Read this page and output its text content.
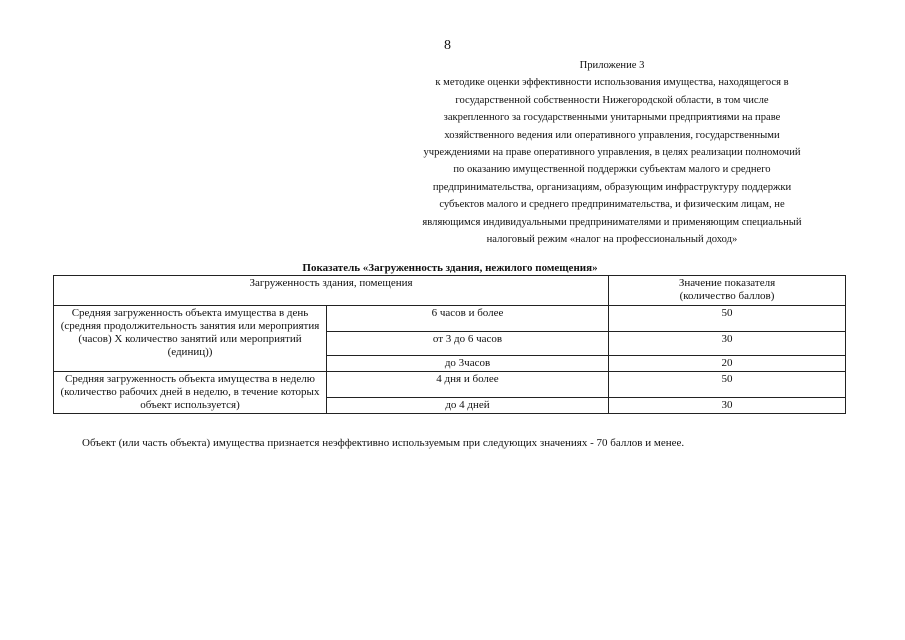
8
Приложение 3
к методике оценки эффективности использования имущества, находящегося в
государственной собственности Нижегородской области, в том числе
закрепленного за государственными унитарными предприятиями на праве
хозяйственного ведения или оперативного управления, государственными
учреждениями на праве оперативного управления, в целях реализации полномочий
по оказанию имущественной поддержки субъектам малого и среднего
предпринимательства, организациям, образующим инфраструктуру поддержки
субъектов малого и среднего предпринимательства, и физическим лицам, не
являющимся индивидуальными предпринимателями и применяющим специальный
налоговый режим «налог на профессиональный доход»
Показатель «Загруженность здания, нежилого помещения»
Загруженность здания, помещения		Значение показателя
(количество баллов)

Средняя загруженность объекта имущества в день (средняя продолжительность занятия или мероприятия (часов) X количество занятий или мероприятий (единиц))	6 часов и более	50
	от 3 до 6 часов	30
	до 3часов	20
Средняя загруженность объекта имущества в неделю (количество рабочих дней в неделю, в течение которых объект используется)	4 дня и более	50
	до 4 дней	30
Объект (или часть объекта) имущества признается неэффективно используемым при следующих значениях - 70 баллов и менее.
